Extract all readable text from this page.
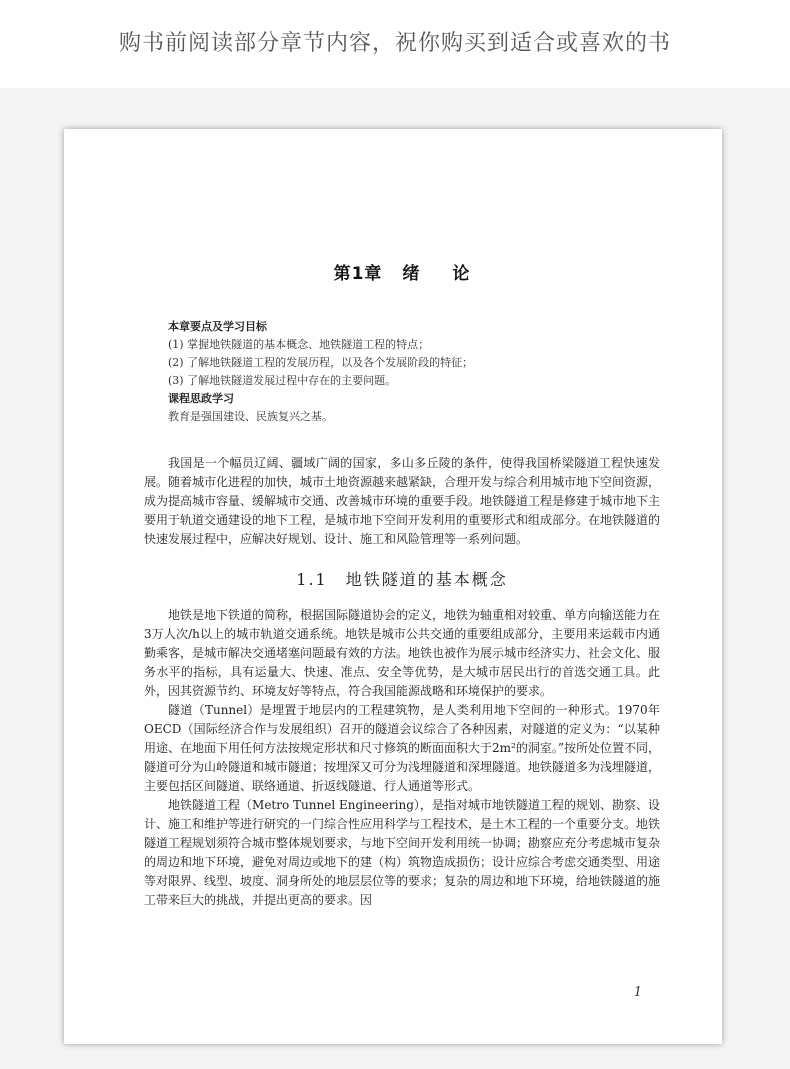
购书前阅读部分章节内容，祝你购买到适合或喜欢的书
第1章 绪 论
本章要点及学习目标
(1) 掌握地铁隧道的基本概念、地铁隧道工程的特点；
(2) 了解地铁隧道工程的发展历程，以及各个发展阶段的特征；
(3) 了解地铁隧道发展过程中存在的主要问题。
课程思政学习
教育是强国建设、民族复兴之基。

我国是一个幅员辽阔、疆域广阔的国家，多山多丘陵的条件，使得我国桥梁隧道工程快速发展。随着城市化进程的加快，城市土地资源越来越紧缺，合理开发与综合利用城市地下空间资源，成为提高城市容量、缓解城市交通、改善城市环境的重要手段。地铁隧道工程是修建于城市地下主要用于轨道交通建设的地下工程，是城市地下空间开发利用的重要形式和组成部分。在地铁隧道的快速发展过程中，应解决好规划、设计、施工和风险管理等一系列问题。

1.1 地铁隧道的基本概念

地铁是地下铁道的简称，根据国际隧道协会的定义，地铁为轴重相对较重、单方向输送能力在3万人次/h以上的城市轨道交通系统。地铁是城市公共交通的重要组成部分，主要用来运载市内通勤乘客，是城市解决交通堵塞问题最有效的方法。地铁也被作为展示城市经济实力、社会文化、服务水平的指标，具有运量大、快速、准点、安全等优势，是大城市居民出行的首选交通工具。此外，因其资源节约、环境友好等特点，符合我国能源战略和环境保护的要求。

隧道（Tunnel）是埋置于地层内的工程建筑物，是人类利用地下空间的一种形式。1970年OECD（国际经济合作与发展组织）召开的隧道会议综合了各种因素，对隧道的定义为：“以某种用途、在地面下用任何方法按规定形状和尺寸修筑的断面面积大于2m²的洞室。”按所处位置不同，隧道可分为山岭隧道和城市隧道；按埋深又可分为浅埋隧道和深埋隧道。地铁隧道多为浅埋隧道，主要包括区间隧道、联络通道、折返线隧道、行人通道等形式。

地铁隧道工程（Metro Tunnel Engineering），是指对城市地铁隧道工程的规划、勘察、设计、施工和维护等进行研究的一门综合性应用科学与工程技术，是土木工程的一个重要分支。地铁隧道工程规划须符合城市整体规划要求，与地下空间开发利用统一协调；勘察应充分考虑城市复杂的周边和地下环境，避免对周边或地下的建（构）筑物造成损伤；设计应综合考虑交通类型、用途等对限界、线型、坡度、洞身所处的地层层位等的要求；复杂的周边和地下环境，给地铁隧道的施工带来巨大的挑战，并提出更高的要求。因

1
